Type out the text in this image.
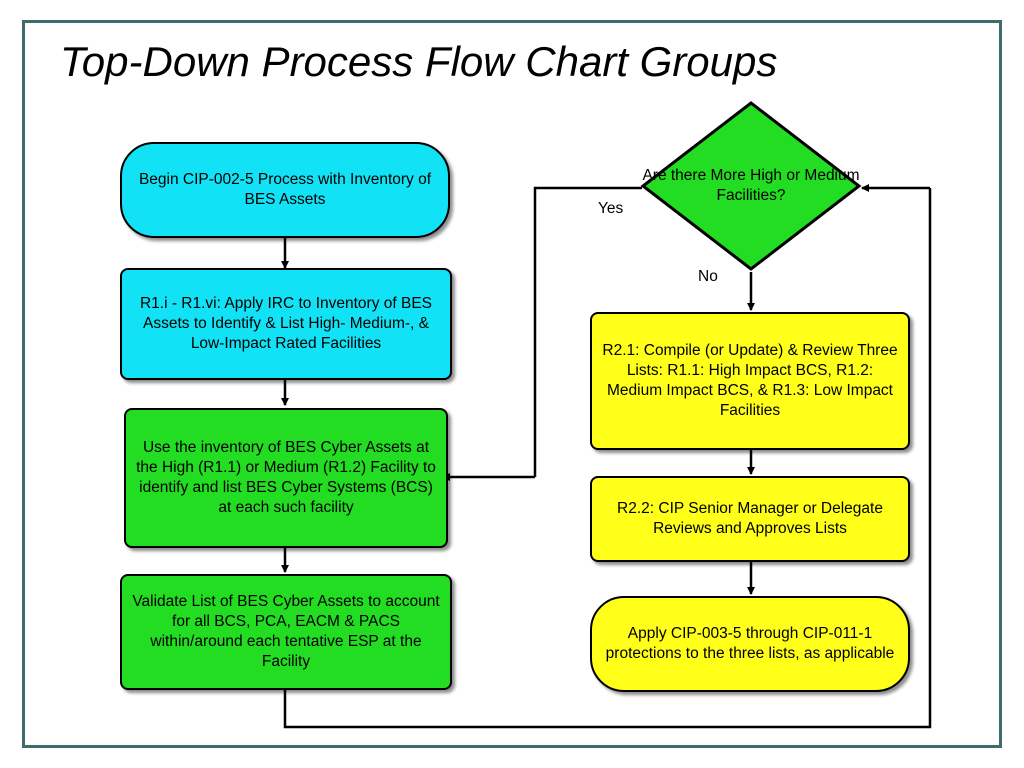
Top-Down Process Flow Chart Groups
Begin CIP-002-5 Process with Inventory of BES Assets
R1.i - R1.vi: Apply IRC to Inventory of BES Assets to Identify & List High- Medium-, & Low-Impact Rated Facilities
Use the inventory of BES Cyber Assets at the High (R1.1) or Medium (R1.2) Facility to identify and list BES Cyber Systems (BCS) at each such facility
Validate List of BES Cyber Assets to account for all BCS, PCA, EACM & PACS within/around each tentative ESP at the Facility
Are there More High or Medium Facilities?
Yes
No
R2.1: Compile (or Update) & Review Three Lists: R1.1: High Impact BCS, R1.2: Medium Impact BCS, & R1.3: Low Impact Facilities
R2.2: CIP Senior Manager or Delegate Reviews and Approves Lists
Apply CIP-003-5 through CIP-011-1 protections to the three lists, as applicable
